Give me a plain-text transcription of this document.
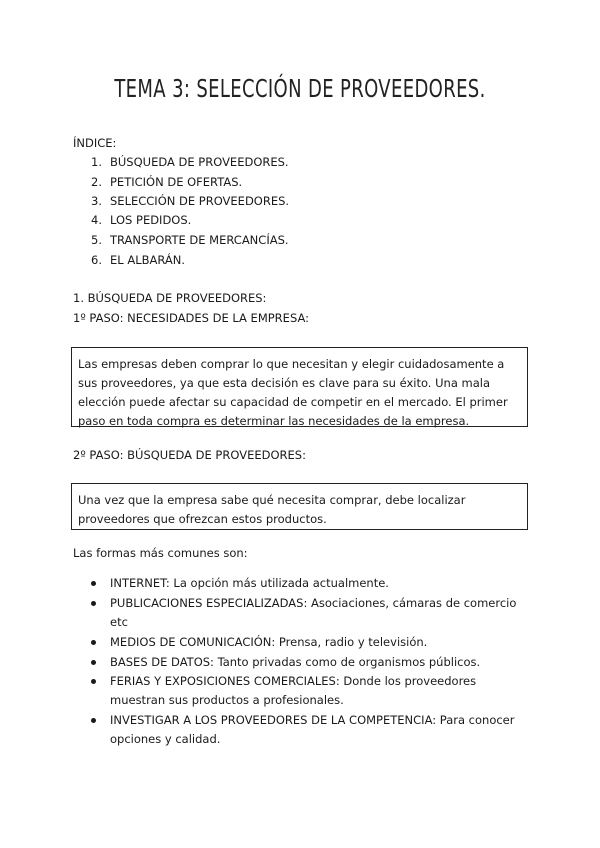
TEMA 3: SELECCIÓN DE PROVEEDORES.
ÍNDICE:
1. BÚSQUEDA DE PROVEEDORES.
2. PETICIÓN DE OFERTAS.
3. SELECCIÓN DE PROVEEDORES.
4. LOS PEDIDOS.
5. TRANSPORTE DE MERCANCÍAS.
6. EL ALBARÁN.
1. BÚSQUEDA DE PROVEEDORES:
1º PASO: NECESIDADES DE LA EMPRESA:
Las empresas deben comprar lo que necesitan y elegir cuidadosamente a sus proveedores, ya que esta decisión es clave para su éxito. Una mala elección puede afectar su capacidad de competir en el mercado. El primer paso en toda compra es determinar las necesidades de la empresa.
2º PASO: BÚSQUEDA DE PROVEEDORES:
Una vez que la empresa sabe qué necesita comprar, debe localizar proveedores que ofrezcan estos productos.
Las formas más comunes son:
INTERNET: La opción más utilizada actualmente.
PUBLICACIONES ESPECIALIZADAS: Asociaciones, cámaras de comercio etc
MEDIOS DE COMUNICACIÓN: Prensa, radio y televisión.
BASES DE DATOS: Tanto privadas como de organismos públicos.
FERIAS Y EXPOSICIONES COMERCIALES: Donde los proveedores muestran sus productos a profesionales.
INVESTIGAR A LOS PROVEEDORES DE LA COMPETENCIA: Para conocer opciones y calidad.
